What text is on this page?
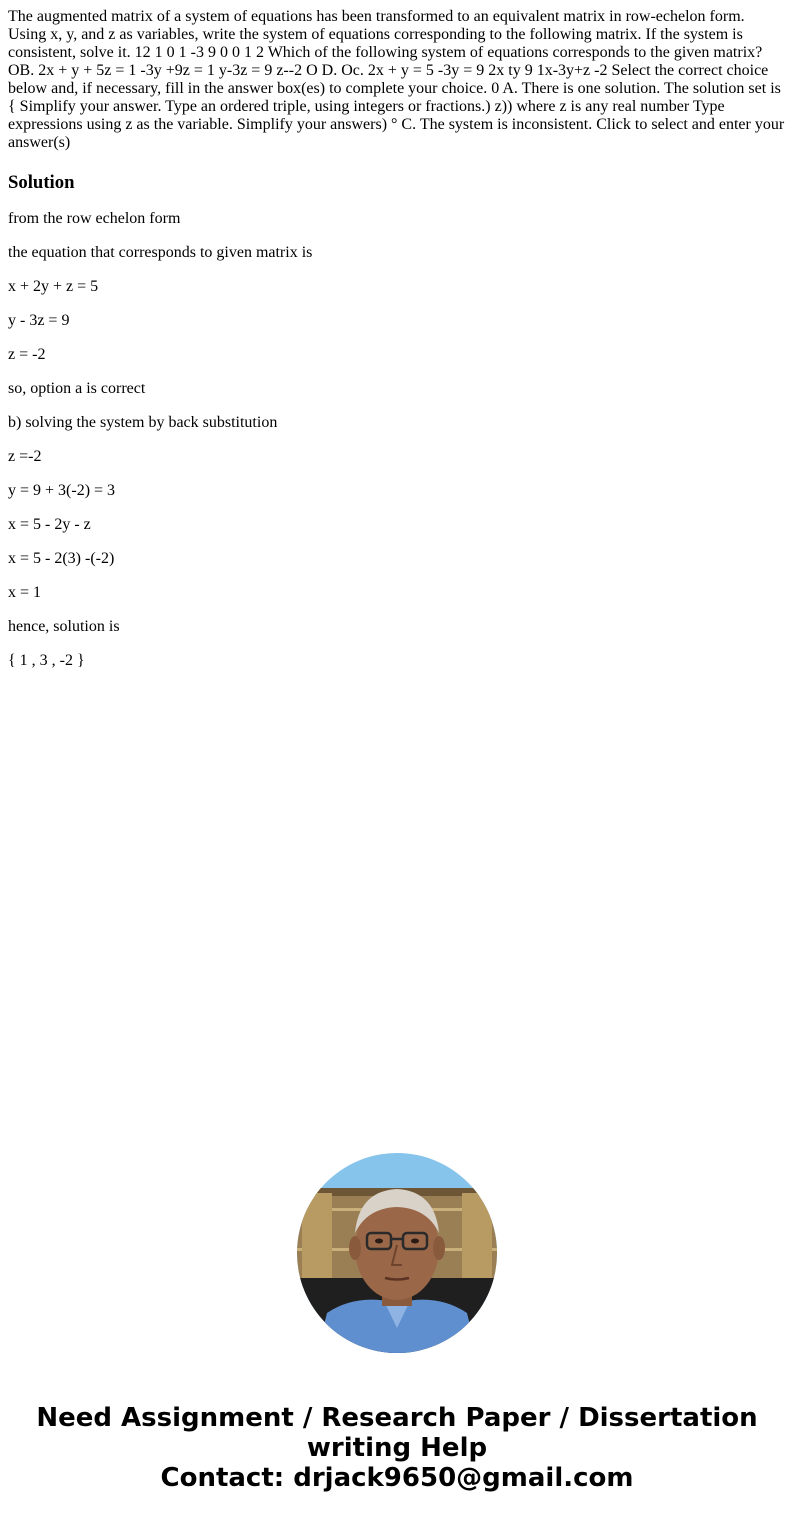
The augmented matrix of a system of equations has been transformed to an equivalent matrix in row-echelon form. Using x, y, and z as variables, write the system of equations corresponding to the following matrix. If the system is consistent, solve it. 12 1 0 1 -3 9 0 0 1 2 Which of the following system of equations corresponds to the given matrix? OB. 2x + y + 5z = 1 -3y +9z = 1 y-3z = 9 z--2 O D. Oc. 2x + y = 5 -3y = 9 2x ty 9 1x-3y+z -2 Select the correct choice below and, if necessary, fill in the answer box(es) to complete your choice. 0 A. There is one solution. The solution set is { Simplify your answer. Type an ordered triple, using integers or fractions.) z)) where z is any real number Type expressions using z as the variable. Simplify your answers) ° C. The system is inconsistent. Click to select and enter your answer(s)

Solution

from the row echelon form

the equation that corresponds to given matrix is

x + 2y + z = 5

y - 3z = 9

z = -2

so, option a is correct

b) solving the system by back substitution

z =-2

y = 9 + 3(-2) = 3

x = 5 - 2y - z

x = 5 - 2(3) -(-2)

x = 1

hence, solution is

{ 1 , 3 , -2 }

Need Assignment / Research Paper / Dissertation
writing Help
Contact: drjack9650@gmail.com
